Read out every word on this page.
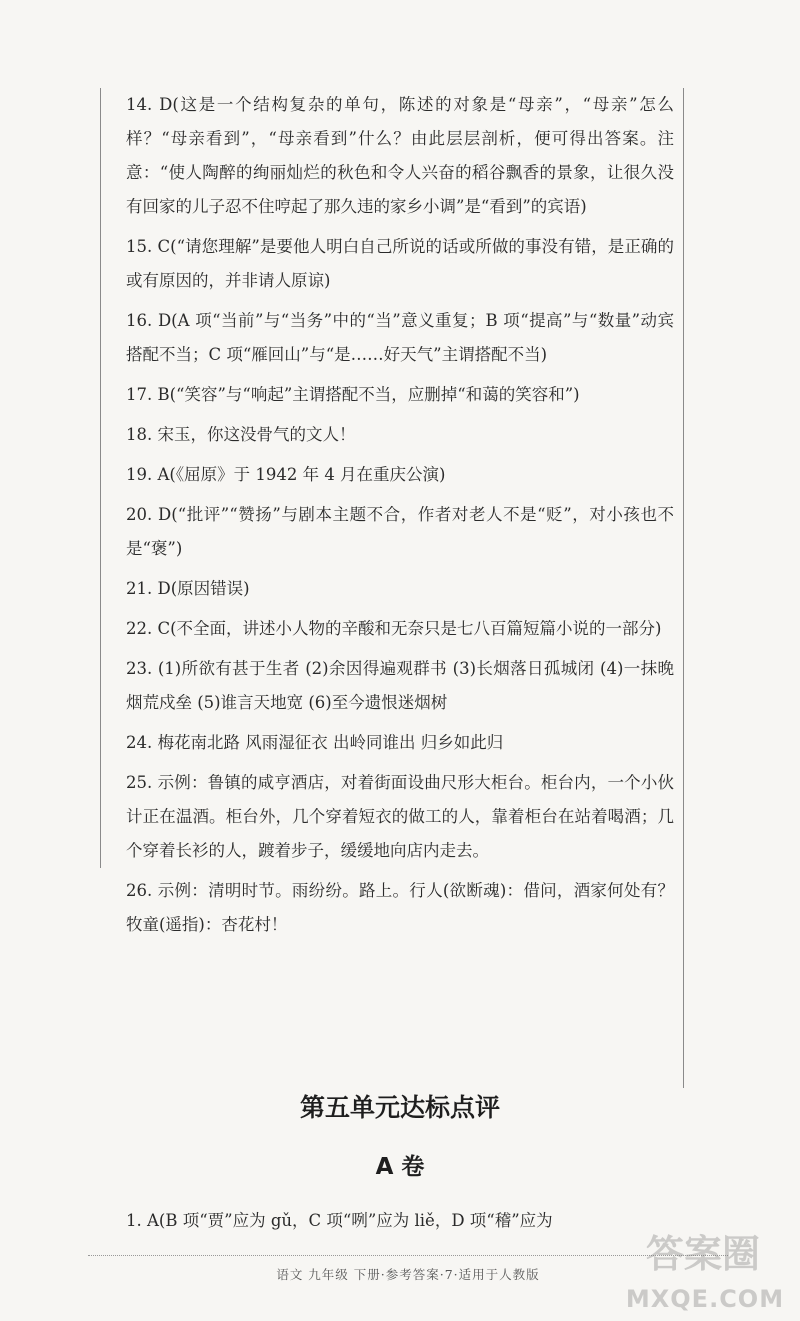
14. D(这是一个结构复杂的单句，陈述的对象是“母亲”，“母亲”怎么样？“母亲看到”，“母亲看到”什么？由此层层剖析，便可得出答案。注意：“使人陶醉的绚丽灿烂的秋色和令人兴奋的稻谷飘香的景象，让很久没有回家的儿子忍不住哼起了那久违的家乡小调”是“看到”的宾语)

15. C(“请您理解”是要他人明白自己所说的话或所做的事没有错，是正确的或有原因的，并非请人原谅)

16. D(A 项“当前”与“当务”中的“当”意义重复；B 项“提高”与“数量”动宾搭配不当；C 项“雁回山”与“是……好天气”主谓搭配不当)

17. B(“笑容”与“响起”主谓搭配不当，应删掉“和蔼的笑容和”)

18. 宋玉，你这没骨气的文人！

19. A(《屈原》于 1942 年 4 月在重庆公演)

20. D(“批评”“赞扬”与剧本主题不合，作者对老人不是“贬”，对小孩也不是“褒”)

21. D(原因错误)

22. C(不全面，讲述小人物的辛酸和无奈只是七八百篇短篇小说的一部分)

23. (1)所欲有甚于生者 (2)余因得遍观群书 (3)长烟落日孤城闭 (4)一抹晚烟荒戍垒 (5)谁言天地宽 (6)至今遗恨迷烟树

24. 梅花南北路 风雨湿征衣 出岭同谁出 归乡如此归

25. 示例：鲁镇的咸亨酒店，对着街面设曲尺形大柜台。柜台内，一个小伙计正在温酒。柜台外，几个穿着短衣的做工的人，靠着柜台在站着喝酒；几个穿着长衫的人，踱着步子，缓缓地向店内走去。

26. 示例：清明时节。雨纷纷。路上。行人(欲断魂)：借问，酒家何处有？牧童(遥指)：杏花村！

第五单元达标点评
A 卷
1. A(B 项“贾”应为 gǔ，C 项“咧”应为 liě，D 项“稽”应为
语文 九年级 下册·参考答案·7·适用于人教版	答案圈
MXQE.COM
